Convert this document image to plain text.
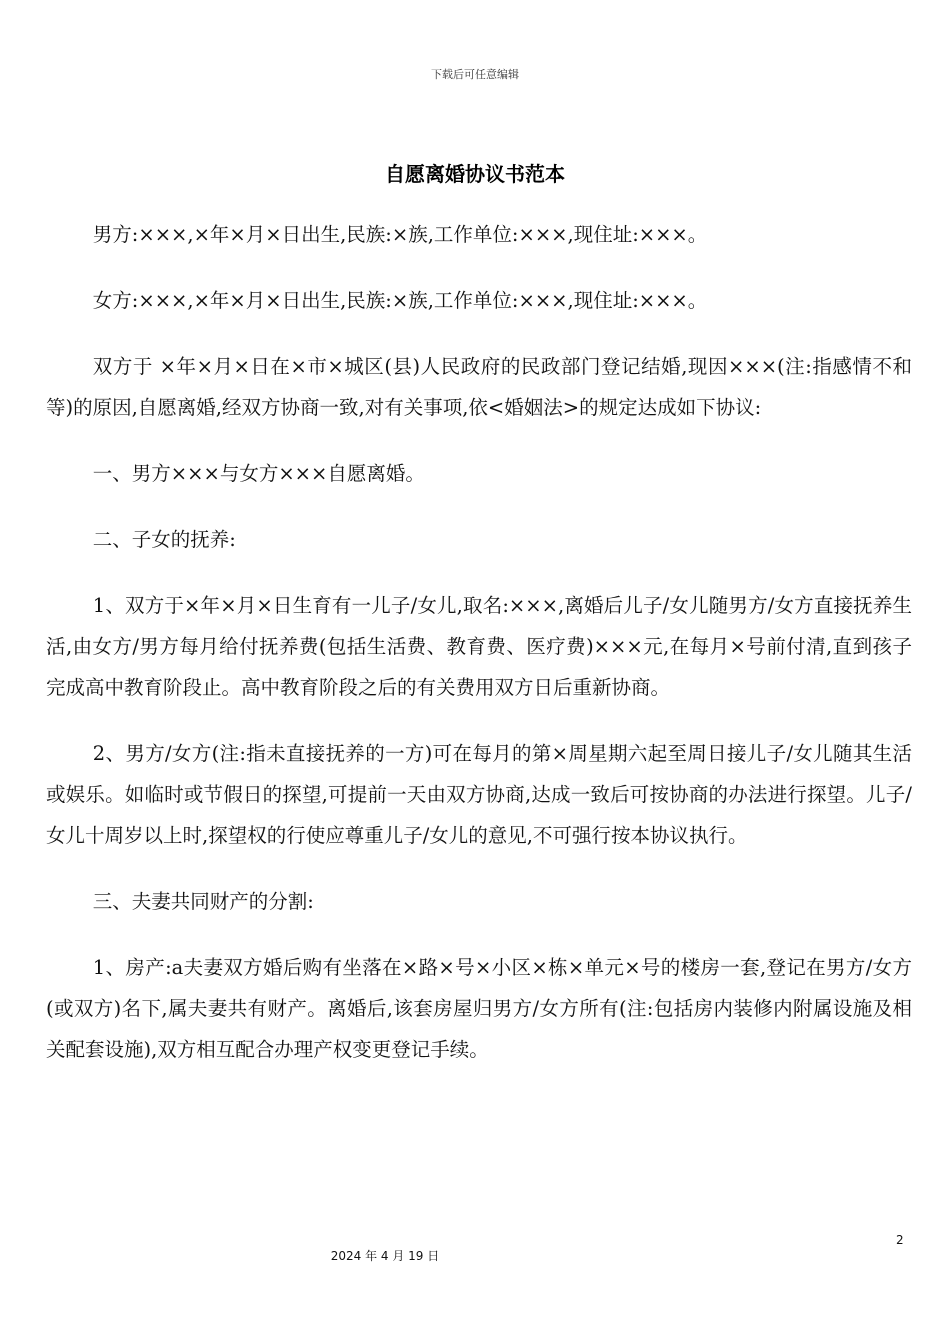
下载后可任意编辑
自愿离婚协议书范本

男方:×××,×年×月×日出生,民族:×族,工作单位:×××,现住址:×××。

女方:×××,×年×月×日出生,民族:×族,工作单位:×××,现住址:×××。

双方于 ×年×月×日在×市×城区(县)人民政府的民政部门登记结婚,现因×××(注:指感情不和等)的原因,自愿离婚,经双方协商一致,对有关事项,依<婚姻法>的规定达成如下协议:

一、男方×××与女方×××自愿离婚。

二、子女的抚养:

1、双方于×年×月×日生育有一儿子/女儿,取名:×××,离婚后儿子/女儿随男方/女方直接抚养生活,由女方/男方每月给付抚养费(包括生活费、教育费、医疗费)×××元,在每月×号前付清,直到孩子完成高中教育阶段止。高中教育阶段之后的有关费用双方日后重新协商。

2、男方/女方(注:指未直接抚养的一方)可在每月的第×周星期六起至周日接儿子/女儿随其生活或娱乐。如临时或节假日的探望,可提前一天由双方协商,达成一致后可按协商的办法进行探望。儿子/女儿十周岁以上时,探望权的行使应尊重儿子/女儿的意见,不可强行按本协议执行。

三、夫妻共同财产的分割:

1、房产:a夫妻双方婚后购有坐落在×路×号×小区×栋×单元×号的楼房一套,登记在男方/女方(或双方)名下,属夫妻共有财产。离婚后,该套房屋归男方/女方所有(注:包括房内装修内附属设施及相关配套设施),双方相互配合办理产权变更登记手续。

2
2024 年 4 月 19 日
